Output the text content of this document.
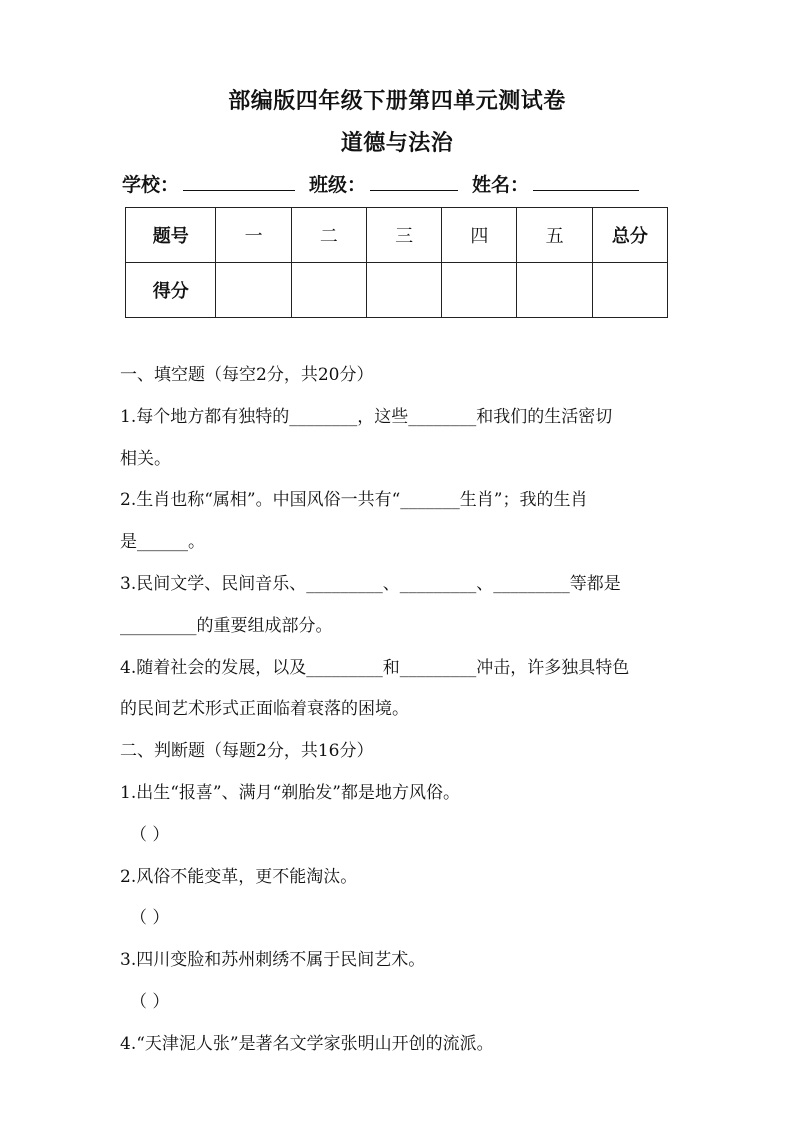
部编版四年级下册第四单元测试卷
道德与法治
学校：	班级：	姓名：
题号	一	二	三	四	五	总分
得分						
一、填空题（每空2分，共20分）
1.每个地方都有独特的________，这些________和我们的生活密切
相关。
2.生肖也称“属相”。中国风俗一共有“_______生肖”；我的生肖
是______。
3.民间文学、民间音乐、_________、_________、_________等都是
_________的重要组成部分。
4.随着社会的发展，以及_________和_________冲击，许多独具特色
的民间艺术形式正面临着衰落的困境。
二、判断题（每题2分，共16分）
1.出生“报喜”、满月“剃胎发”都是地方风俗。
（ ）
2.风俗不能变革，更不能淘汰。
（ ）
3.四川变脸和苏州刺绣不属于民间艺术。
（ ）
4.“天津泥人张”是著名文学家张明山开创的流派。
